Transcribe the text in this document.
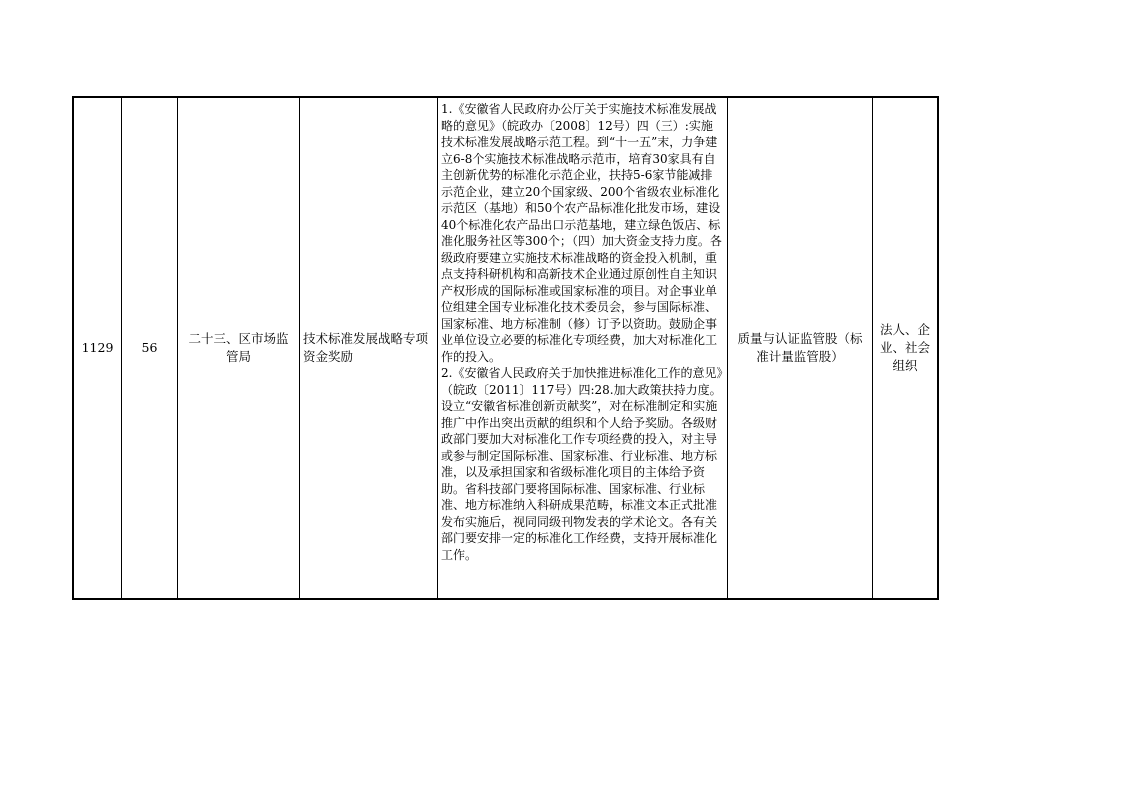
1129 56
二十三、区市场监管局
技术标准发展战略专项资金奖励

1.《安徽省人民政府办公厅关于实施技术标准发展战略的意见》（皖政办〔2008〕12号）四（三）:实施技术标准发展战略示范工程。到“十一五”末，力争建立6-8个实施技术标准战略示范市，培育30家具有自主创新优势的标准化示范企业，扶持5-6家节能减排示范企业，建立20个国家级、200个省级农业标准化示范区（基地）和50个农产品标准化批发市场，建设40个标准化农产品出口示范基地，建立绿色饭店、标准化服务社区等300个；（四）加大资金支持力度。各级政府要建立实施技术标准战略的资金投入机制，重点支持科研机构和高新技术企业通过原创性自主知识产权形成的国际标准或国家标准的项目。对企事业单位组建全国专业标准化技术委员会，参与国际标准、国家标准、地方标准制（修）订予以资助。鼓励企事业单位设立必要的标准化专项经费，加大对标准化工作的投入。
2.《安徽省人民政府关于加快推进标准化工作的意见》（皖政〔2011〕117号）四:28.加大政策扶持力度。设立“安徽省标准创新贡献奖”，对在标准制定和实施推广中作出突出贡献的组织和个人给予奖励。各级财政部门要加大对标准化工作专项经费的投入，对主导或参与制定国际标准、国家标准、行业标准、地方标准，以及承担国家和省级标准化项目的主体给予资助。省科技部门要将国际标准、国家标准、行业标准、地方标准纳入科研成果范畴，标准文本正式批准发布实施后，视同同级刊物发表的学术论文。各有关部门要安排一定的标准化工作经费，支持开展标准化工作。

质量与认证监管股（标准计量监管股）
法人、企业、社会组织
